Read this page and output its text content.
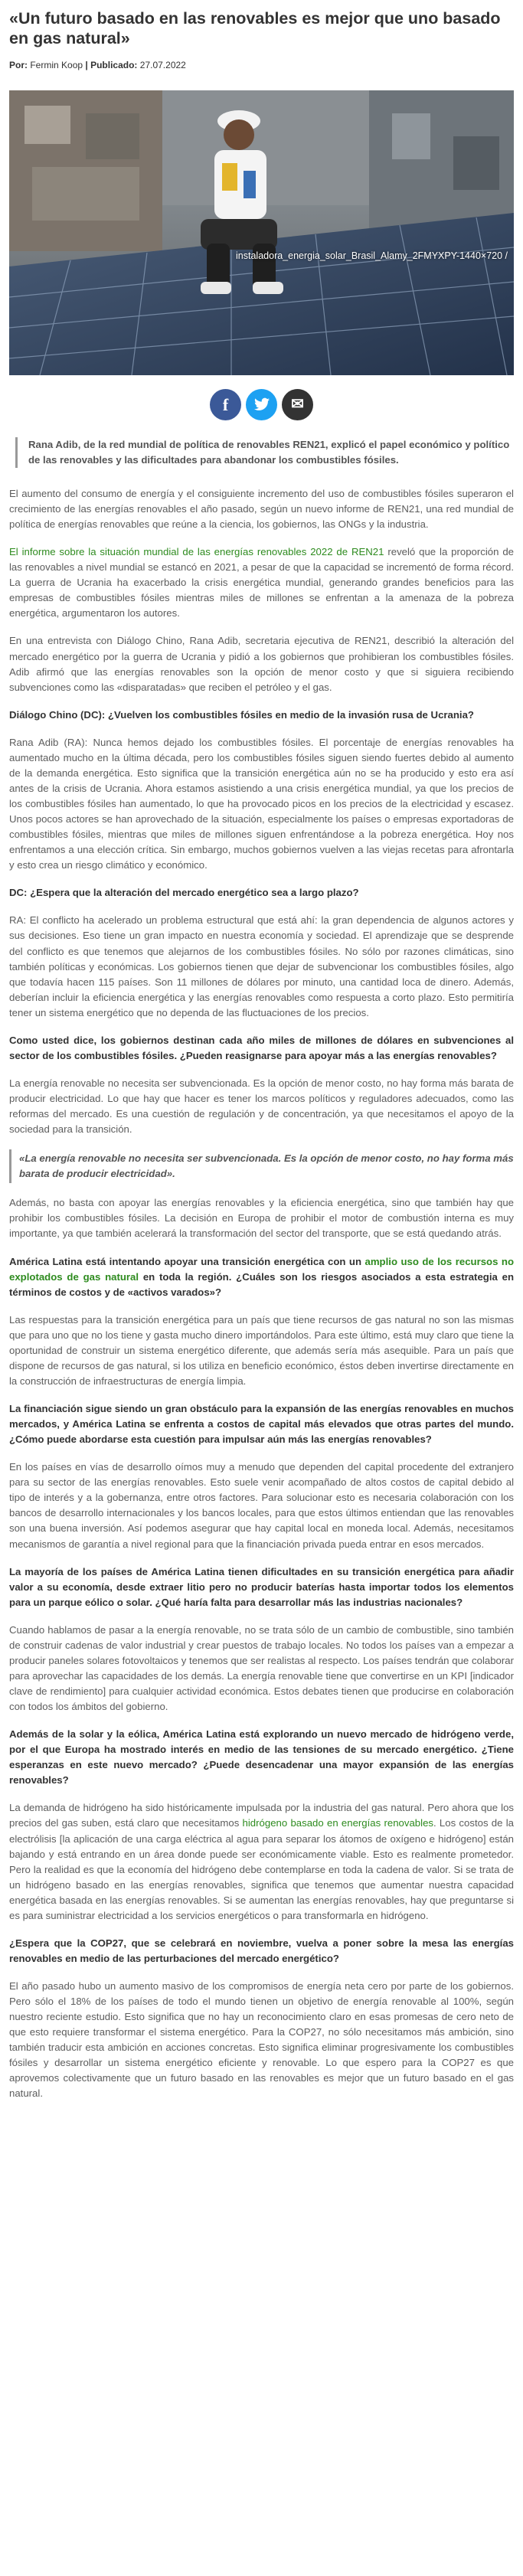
«Un futuro basado en las renovables es mejor que uno basado en gas natural»
Por: Fermin Koop | Publicado: 27.07.2022
instaladora_energia_solar_Brasil_Alamy_2FMYXPY-1440×720 /
f	✉
Rana Adib, de la red mundial de política de renovables REN21, explicó el papel económico y político de las renovables y las dificultades para abandonar los combustibles fósiles.

El aumento del consumo de energía y el consiguiente incremento del uso de combustibles fósiles superaron el crecimiento de las energías renovables el año pasado, según un nuevo informe de REN21, una red mundial de política de energías renovables que reúne a la ciencia, los gobiernos, las ONGs y la industria.

El informe sobre la situación mundial de las energías renovables 2022 de REN21 reveló que la proporción de las renovables a nivel mundial se estancó en 2021, a pesar de que la capacidad se incrementó de forma récord. La guerra de Ucrania ha exacerbado la crisis energética mundial, generando grandes beneficios para las empresas de combustibles fósiles mientras miles de millones se enfrentan a la amenaza de la pobreza energética, argumentaron los autores.

En una entrevista con Diálogo Chino, Rana Adib, secretaria ejecutiva de REN21, describió la alteración del mercado energético por la guerra de Ucrania y pidió a los gobiernos que prohibieran los combustibles fósiles. Adib afirmó que las energías renovables son la opción de menor costo y que si siguiera recibiendo subvenciones como las «disparatadas» que reciben el petróleo y el gas.

Diálogo Chino (DC): ¿Vuelven los combustibles fósiles en medio de la invasión rusa de Ucrania?

Rana Adib (RA): Nunca hemos dejado los combustibles fósiles. El porcentaje de energías renovables ha aumentado mucho en la última década, pero los combustibles fósiles siguen siendo fuertes debido al aumento de la demanda energética. Esto significa que la transición energética aún no se ha producido y esto era así antes de la crisis de Ucrania. Ahora estamos asistiendo a una crisis energética mundial, ya que los precios de los combustibles fósiles han aumentado, lo que ha provocado picos en los precios de la electricidad y escasez. Unos pocos actores se han aprovechado de la situación, especialmente los países o empresas exportadoras de combustibles fósiles, mientras que miles de millones siguen enfrentándose a la pobreza energética. Hoy nos enfrentamos a una elección crítica. Sin embargo, muchos gobiernos vuelven a las viejas recetas para afrontarla y esto crea un riesgo climático y económico.

DC: ¿Espera que la alteración del mercado energético sea a largo plazo?

RA: El conflicto ha acelerado un problema estructural que está ahí: la gran dependencia de algunos actores y sus decisiones. Eso tiene un gran impacto en nuestra economía y sociedad. El aprendizaje que se desprende del conflicto es que tenemos que alejarnos de los combustibles fósiles. No sólo por razones climáticas, sino también políticas y económicas. Los gobiernos tienen que dejar de subvencionar los combustibles fósiles, algo que todavía hacen 115 países. Son 11 millones de dólares por minuto, una cantidad loca de dinero. Además, deberían incluir la eficiencia energética y las energías renovables como respuesta a corto plazo. Esto permitiría tener un sistema energético que no dependa de las fluctuaciones de los precios.

Como usted dice, los gobiernos destinan cada año miles de millones de dólares en subvenciones al sector de los combustibles fósiles. ¿Pueden reasignarse para apoyar más a las energías renovables?

La energía renovable no necesita ser subvencionada. Es la opción de menor costo, no hay forma más barata de producir electricidad. Lo que hay que hacer es tener los marcos políticos y reguladores adecuados, como las reformas del mercado. Es una cuestión de regulación y de concentración, ya que necesitamos el apoyo de la sociedad para la transición.

«La energía renovable no necesita ser subvencionada. Es la opción de menor costo, no hay forma más barata de producir electricidad».

Además, no basta con apoyar las energías renovables y la eficiencia energética, sino que también hay que prohibir los combustibles fósiles. La decisión en Europa de prohibir el motor de combustión interna es muy importante, ya que también acelerará la transformación del sector del transporte, que se está quedando atrás.

América Latina está intentando apoyar una transición energética con un amplio uso de los recursos no explotados de gas natural en toda la región. ¿Cuáles son los riesgos asociados a esta estrategia en términos de costos y de «activos varados»?

Las respuestas para la transición energética para un país que tiene recursos de gas natural no son las mismas que para uno que no los tiene y gasta mucho dinero importándolos. Para este último, está muy claro que tiene la oportunidad de construir un sistema energético diferente, que además sería más asequible. Para un país que dispone de recursos de gas natural, si los utiliza en beneficio económico, éstos deben invertirse directamente en la construcción de infraestructuras de energía limpia.

La financiación sigue siendo un gran obstáculo para la expansión de las energías renovables en muchos mercados, y América Latina se enfrenta a costos de capital más elevados que otras partes del mundo. ¿Cómo puede abordarse esta cuestión para impulsar aún más las energías renovables?

En los países en vías de desarrollo oímos muy a menudo que dependen del capital procedente del extranjero para su sector de las energías renovables. Esto suele venir acompañado de altos costos de capital debido al tipo de interés y a la gobernanza, entre otros factores. Para solucionar esto es necesaria colaboración con los bancos de desarrollo internacionales y los bancos locales, para que estos últimos entiendan que las renovables son una buena inversión. Así podemos asegurar que hay capital local en moneda local. Además, necesitamos mecanismos de garantía a nivel regional para que la financiación privada pueda entrar en esos mercados.

La mayoría de los países de América Latina tienen dificultades en su transición energética para añadir valor a su economía, desde extraer litio pero no producir baterías hasta importar todos los elementos para un parque eólico o solar. ¿Qué haría falta para desarrollar más las industrias nacionales?

Cuando hablamos de pasar a la energía renovable, no se trata sólo de un cambio de combustible, sino también de construir cadenas de valor industrial y crear puestos de trabajo locales. No todos los países van a empezar a producir paneles solares fotovoltaicos y tenemos que ser realistas al respecto. Los países tendrán que colaborar para aprovechar las capacidades de los demás. La energía renovable tiene que convertirse en un KPI [indicador clave de rendimiento] para cualquier actividad económica. Estos debates tienen que producirse en colaboración con todos los ámbitos del gobierno.

Además de la solar y la eólica, América Latina está explorando un nuevo mercado de hidrógeno verde, por el que Europa ha mostrado interés en medio de las tensiones de su mercado energético. ¿Tiene esperanzas en este nuevo mercado? ¿Puede desencadenar una mayor expansión de las energías renovables?

La demanda de hidrógeno ha sido históricamente impulsada por la industria del gas natural. Pero ahora que los precios del gas suben, está claro que necesitamos hidrógeno basado en energías renovables. Los costos de la electrólisis [la aplicación de una carga eléctrica al agua para separar los átomos de oxígeno e hidrógeno] están bajando y está entrando en un área donde puede ser económicamente viable. Esto es realmente prometedor. Pero la realidad es que la economía del hidrógeno debe contemplarse en toda la cadena de valor. Si se trata de un hidrógeno basado en las energías renovables, significa que tenemos que aumentar nuestra capacidad energética basada en las energías renovables. Si se aumentan las energías renovables, hay que preguntarse si es para suministrar electricidad a los servicios energéticos o para transformarla en hidrógeno.

¿Espera que la COP27, que se celebrará en noviembre, vuelva a poner sobre la mesa las energías renovables en medio de las perturbaciones del mercado energético?

El año pasado hubo un aumento masivo de los compromisos de energía neta cero por parte de los gobiernos. Pero sólo el 18% de los países de todo el mundo tienen un objetivo de energía renovable al 100%, según nuestro reciente estudio. Esto significa que no hay un reconocimiento claro en esas promesas de cero neto de que esto requiere transformar el sistema energético. Para la COP27, no sólo necesitamos más ambición, sino también traducir esta ambición en acciones concretas. Esto significa eliminar progresivamente los combustibles fósiles y desarrollar un sistema energético eficiente y renovable. Lo que espero para la COP27 es que aprovemos colectivamente que un futuro basado en las renovables es mejor que un futuro basado en el gas natural.
